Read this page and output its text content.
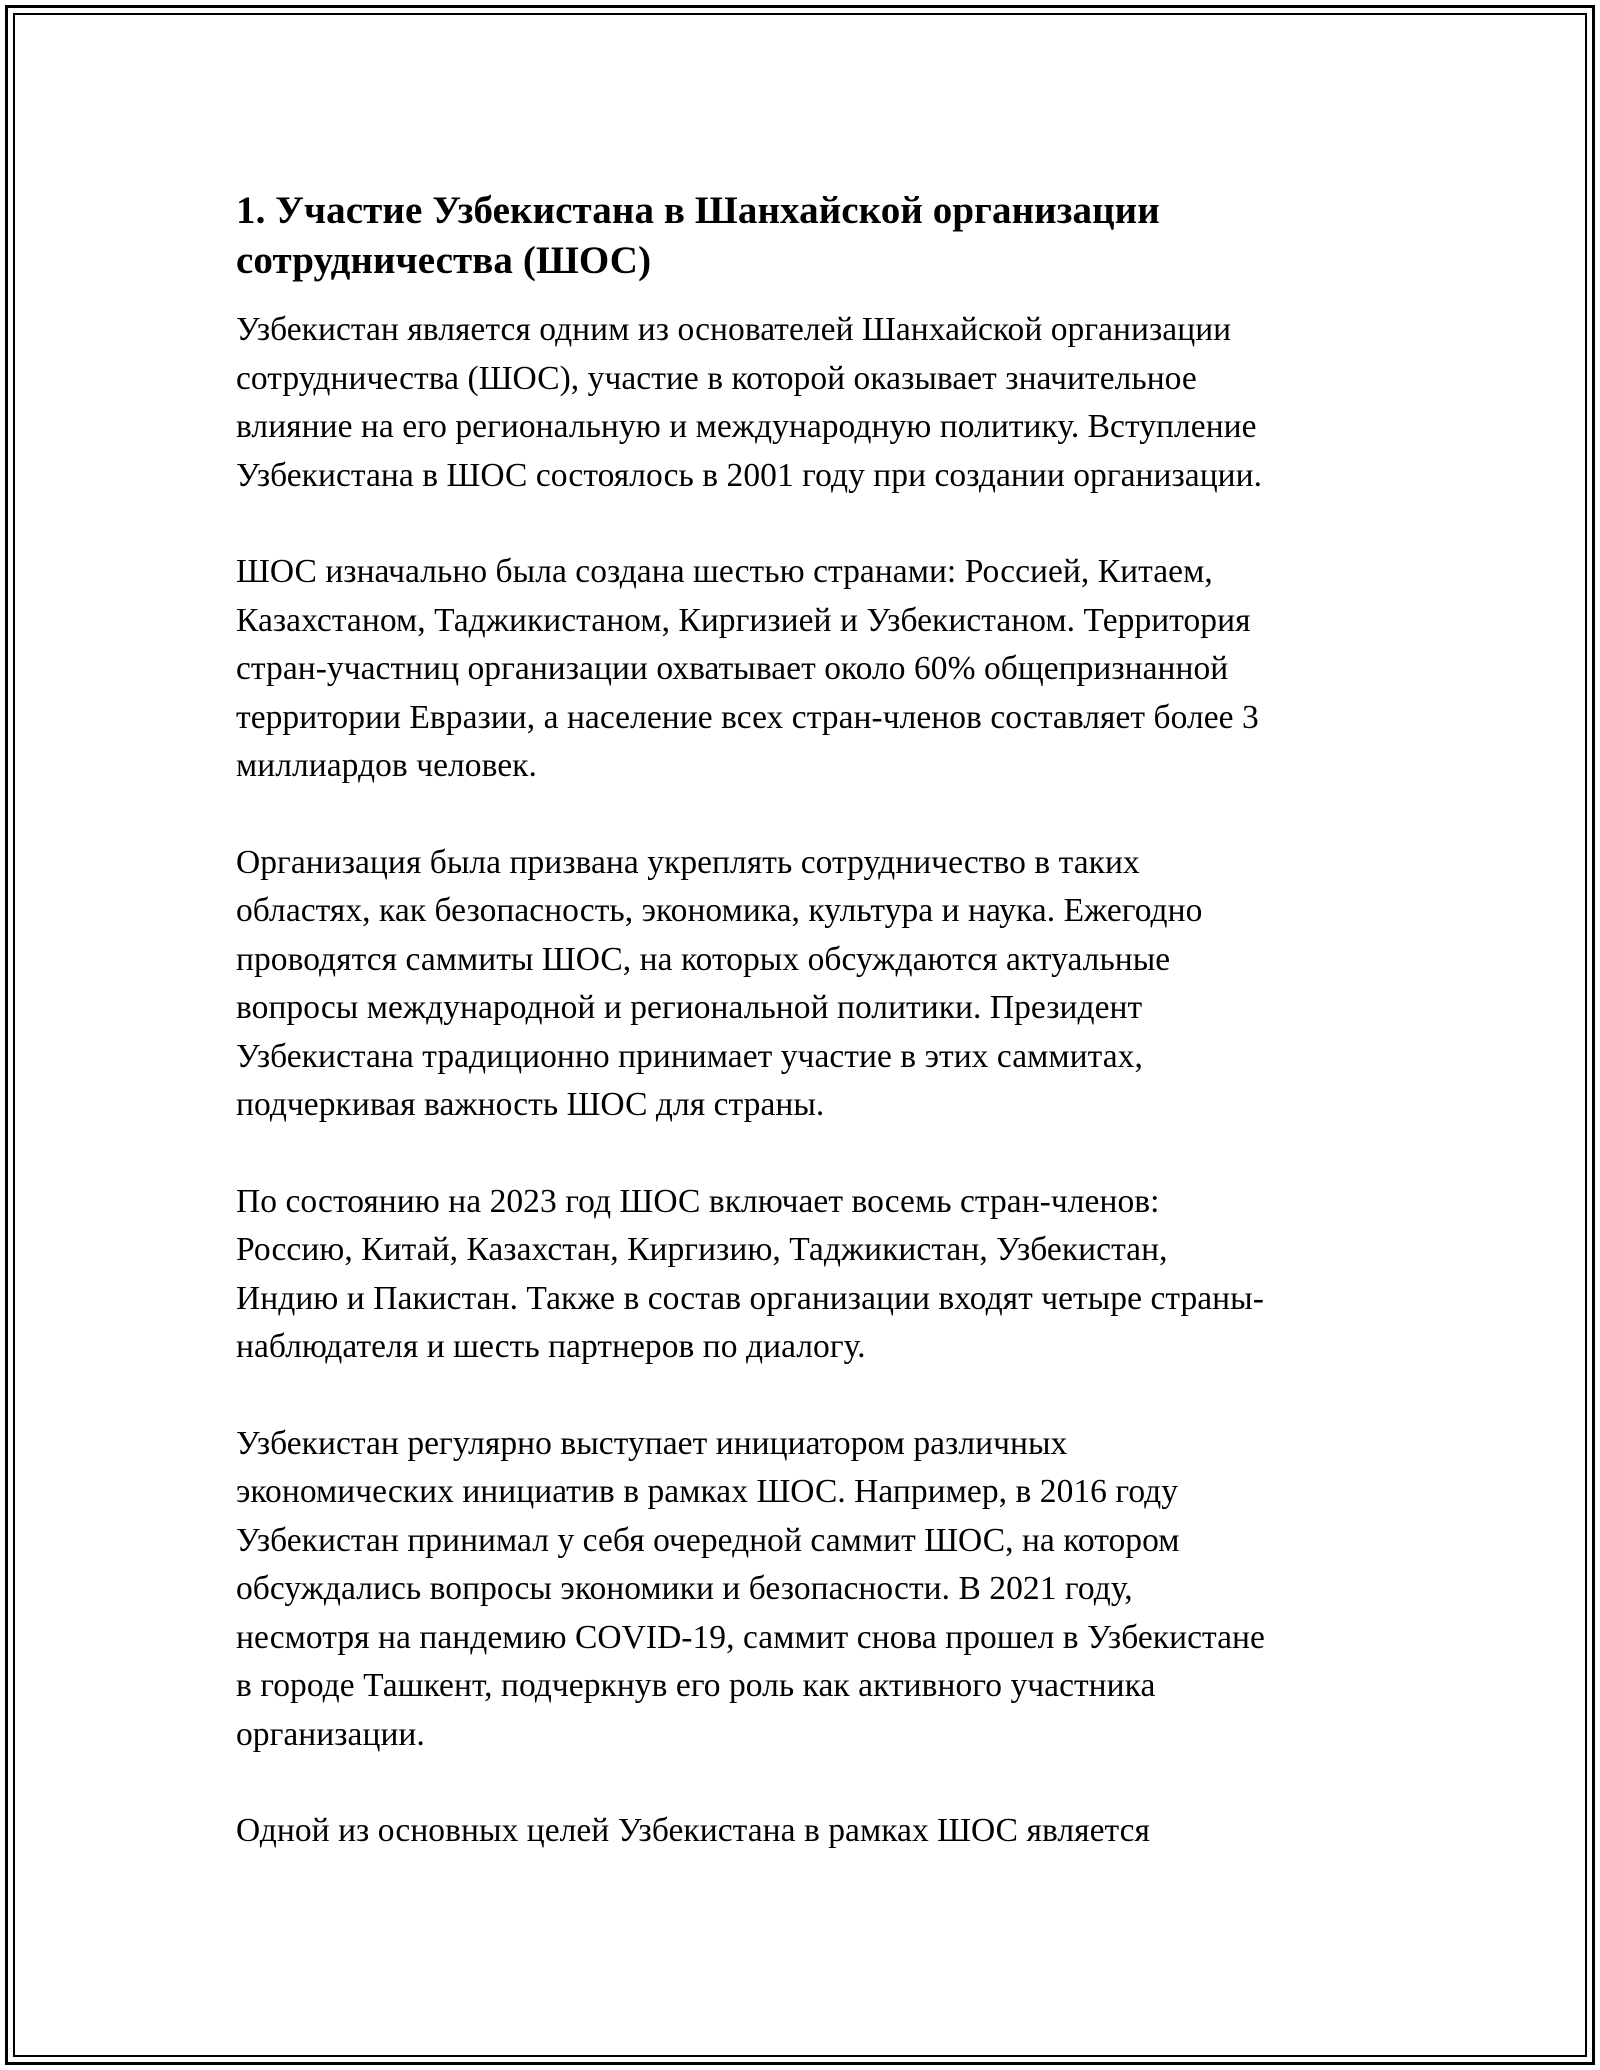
1. Участие Узбекистана в Шанхайской организации
сотрудничества (ШОС)

Узбекистан является одним из основателей Шанхайской организации
сотрудничества (ШОС), участие в которой оказывает значительное
влияние на его региональную и международную политику. Вступление
Узбекистана в ШОС состоялось в 2001 году при создании организации.

ШОС изначально была создана шестью странами: Россией, Китаем,
Казахстаном, Таджикистаном, Киргизией и Узбекистаном. Территория
стран-участниц организации охватывает около 60% общепризнанной
территории Евразии, а население всех стран-членов составляет более 3
миллиардов человек.

Организация была призвана укреплять сотрудничество в таких
областях, как безопасность, экономика, культура и наука. Ежегодно
проводятся саммиты ШОС, на которых обсуждаются актуальные
вопросы международной и региональной политики. Президент
Узбекистана традиционно принимает участие в этих саммитах,
подчеркивая важность ШОС для страны.

По состоянию на 2023 год ШОС включает восемь стран-членов:
Россию, Китай, Казахстан, Киргизию, Таджикистан, Узбекистан,
Индию и Пакистан. Также в состав организации входят четыре страны-
наблюдателя и шесть партнеров по диалогу.

Узбекистан регулярно выступает инициатором различных
экономических инициатив в рамках ШОС. Например, в 2016 году
Узбекистан принимал у себя очередной саммит ШОС, на котором
обсуждались вопросы экономики и безопасности. В 2021 году,
несмотря на пандемию COVID-19, саммит снова прошел в Узбекистане
в городе Ташкент, подчеркнув его роль как активного участника
организации.

Одной из основных целей Узбекистана в рамках ШОС является
